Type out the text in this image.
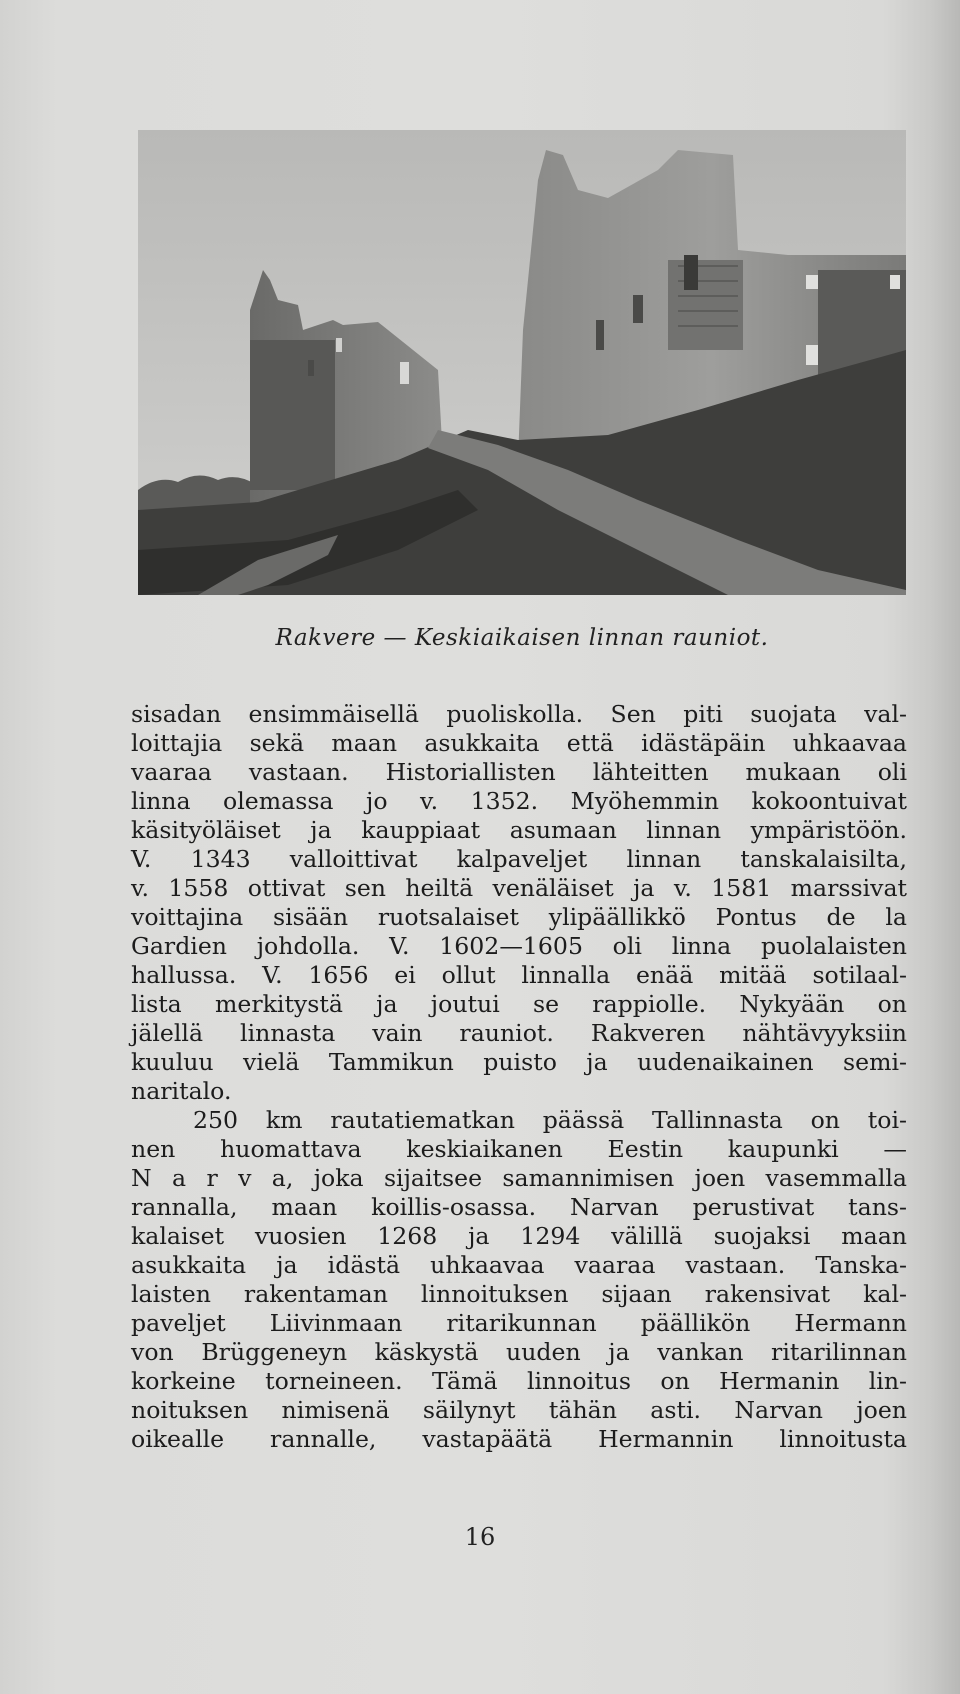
Rakvere — Keskiaikaisen linnan rauniot.
sisadan ensimmäisellä puoliskolla. Sen piti suojata val-
loittajia sekä maan asukkaita että idästäpäin uhkaavaa
vaaraa vastaan. Historiallisten lähteitten mukaan oli
linna olemassa jo v. 1352. Myöhemmin kokoontuivat
käsityöläiset ja kauppiaat asumaan linnan ympäristöön.
V. 1343 valloittivat kalpaveljet linnan tanskalaisilta,
v. 1558 ottivat sen heiltä venäläiset ja v. 1581 marssivat
voittajina sisään ruotsalaiset ylipäällikkö Pontus de la
Gardien johdolla. V. 1602—1605 oli linna puolalaisten
hallussa. V. 1656 ei ollut linnalla enää mitää sotilaal-
lista merkitystä ja joutui se rappiolle. Nykyään on
jälellä linnasta vain rauniot. Rakveren nähtävyyksiin
kuuluu vielä Tammikun puisto ja uudenaikainen semi-
naritalo.
250 km rautatiematkan päässä Tallinnasta on toi-
nen huomattava keskiaikanen Eestin kaupunki —
N a r v a, joka sijaitsee samannimisen joen vasemmalla
rannalla, maan koillis-osassa. Narvan perustivat tans-
kalaiset vuosien 1268 ja 1294 välillä suojaksi maan
asukkaita ja idästä uhkaavaa vaaraa vastaan. Tanska-
laisten rakentaman linnoituksen sijaan rakensivat kal-
paveljet Liivinmaan ritarikunnan päällikön Hermann
von Brüggeneyn käskystä uuden ja vankan ritarilinnan
korkeine torneineen. Tämä linnoitus on Hermanin lin-
noituksen nimisenä säilynyt tähän asti. Narvan joen
oikealle rannalle, vastapäätä Hermannin linnoitusta
16
